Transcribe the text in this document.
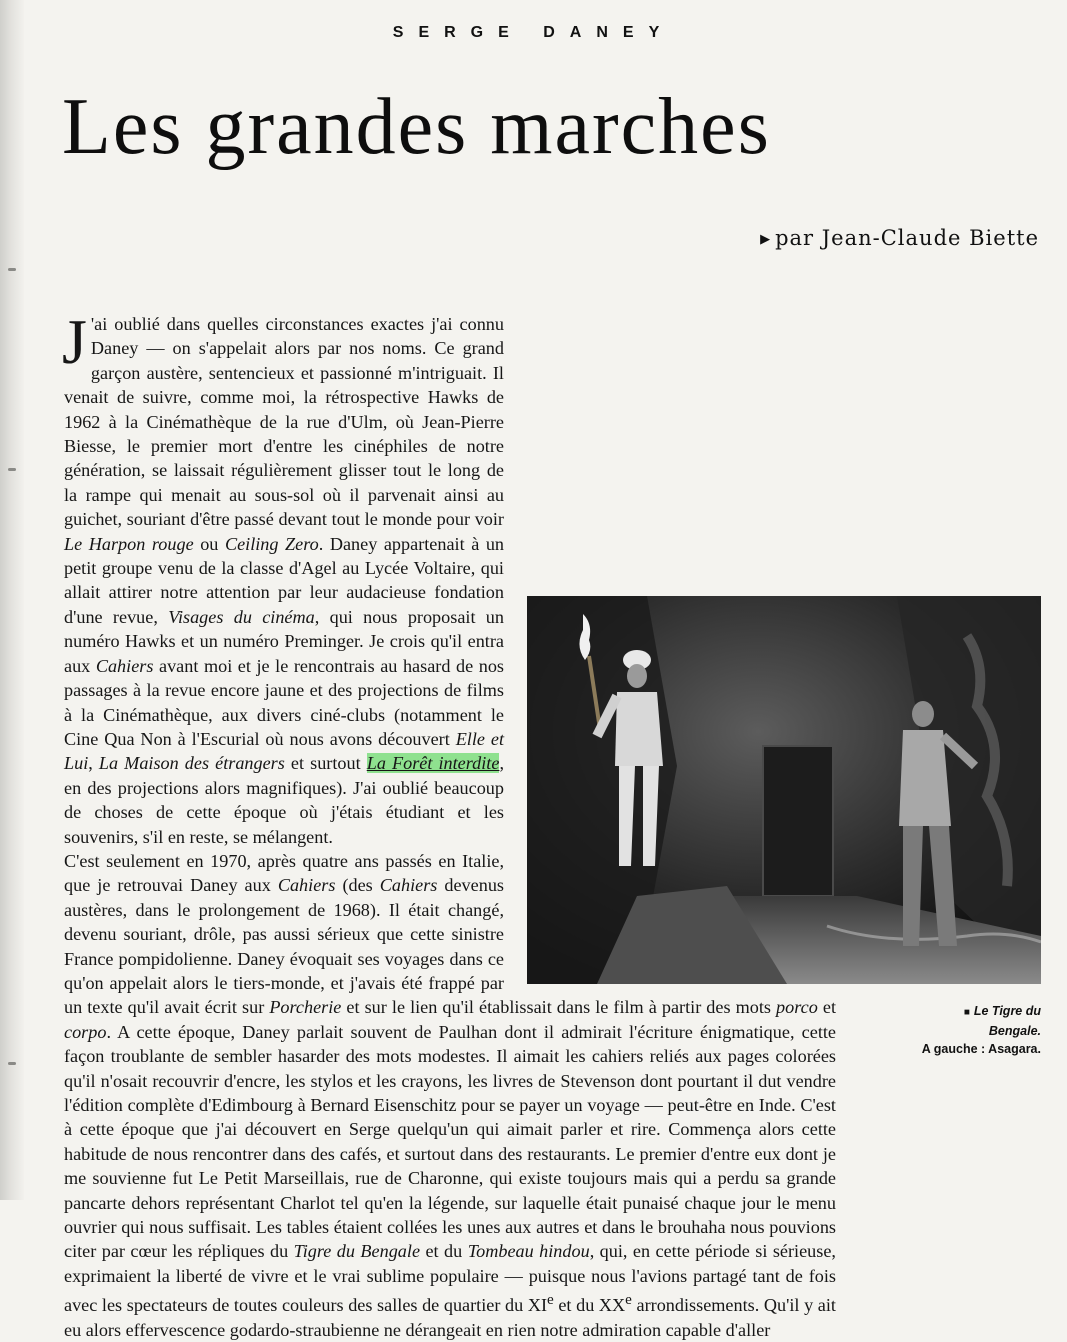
SERGE DANEY
Les grandes marches
▶ par Jean-Claude Biette

J 'ai oublié dans quelles circonstances exactes j'ai connu Daney — on s'appelait alors par nos noms. Ce grand garçon austère, sentencieux et passionné m'intriguait. Il venait de suivre, comme moi, la rétrospective Hawks de 1962 à la Cinémathèque de la rue d'Ulm, où Jean-Pierre Biesse, le premier mort d'entre les cinéphiles de notre génération, se laissait régulièrement glisser tout le long de la rampe qui menait au sous-sol où il parvenait ainsi au guichet, souriant d'être passé devant tout le monde pour voir Le Harpon rouge ou Ceiling Zero. Daney appartenait à un petit groupe venu de la classe d'Agel au Lycée Voltaire, qui allait attirer notre attention par leur audacieuse fondation d'une revue, Visages du cinéma, qui nous proposait un numéro Hawks et un numéro Preminger. Je crois qu'il entra aux Cahiers avant moi et je le rencontrais au hasard de nos passages à la revue encore jaune et des projections de films à la Cinémathèque, aux divers ciné-clubs (notamment le Cine Qua Non à l'Escurial où nous avons découvert Elle et Lui, La Maison des étrangers et surtout La Forêt interdite, en des projections alors magnifiques). J'ai oublié beaucoup de choses de cette époque où j'étais étudiant et les souvenirs, s'il en reste, se mélangent.

C'est seulement en 1970, après quatre ans passés en Italie, que je retrouvai Daney aux Cahiers (des Cahiers devenus austères, dans le prolongement de 1968). Il était changé, devenu souriant, drôle, pas aussi sérieux que cette sinistre France pompidolienne. Daney évoquait ses voyages dans ce qu'on appelait alors le tiers-monde, et j'avais été frappé par un texte qu'il avait écrit sur Porcherie et sur le lien qu'il établissait dans le film à partir des mots porco et corpo. A cette époque, Daney parlait souvent de Paulhan dont il admirait l'écriture énigmatique, cette façon troublante de sembler hasarder des mots modestes. Il aimait les cahiers reliés aux pages colorées qu'il n'osait recouvrir d'encre, les stylos et les crayons, les livres de Stevenson dont pourtant il dut vendre l'édition complète d'Edimbourg à Bernard Eisenschitz pour se payer un voyage — peut-être en Inde. C'est à cette époque que j'ai découvert en Serge quelqu'un qui aimait parler et rire. Commença alors cette habitude de nous rencontrer dans des cafés, et surtout dans des restaurants. Le premier d'entre eux dont je me souvienne fut Le Petit Marseillais, rue de Charonne, qui existe toujours mais qui a perdu sa grande pancarte dehors représentant Charlot tel qu'en la légende, sur laquelle était punaisé chaque jour le menu ouvrier qui nous suffisait. Les tables étaient collées les unes aux autres et dans le brouhaha nous pouvions citer par cœur les répliques du Tigre du Bengale et du Tombeau hindou, qui, en cette période si sérieuse, exprimaient la liberté de vivre et le vrai sublime populaire — puisque nous l'avions partagé tant de fois avec les spectateurs de toutes couleurs des salles de quartier du XIe et du XXe arrondissements. Qu'il y ait eu alors effervescence godardo-straubienne ne dérangeait en rien notre admiration capable d'aller

■ Le Tigre du
Bengale.
A gauche : Asagara.
